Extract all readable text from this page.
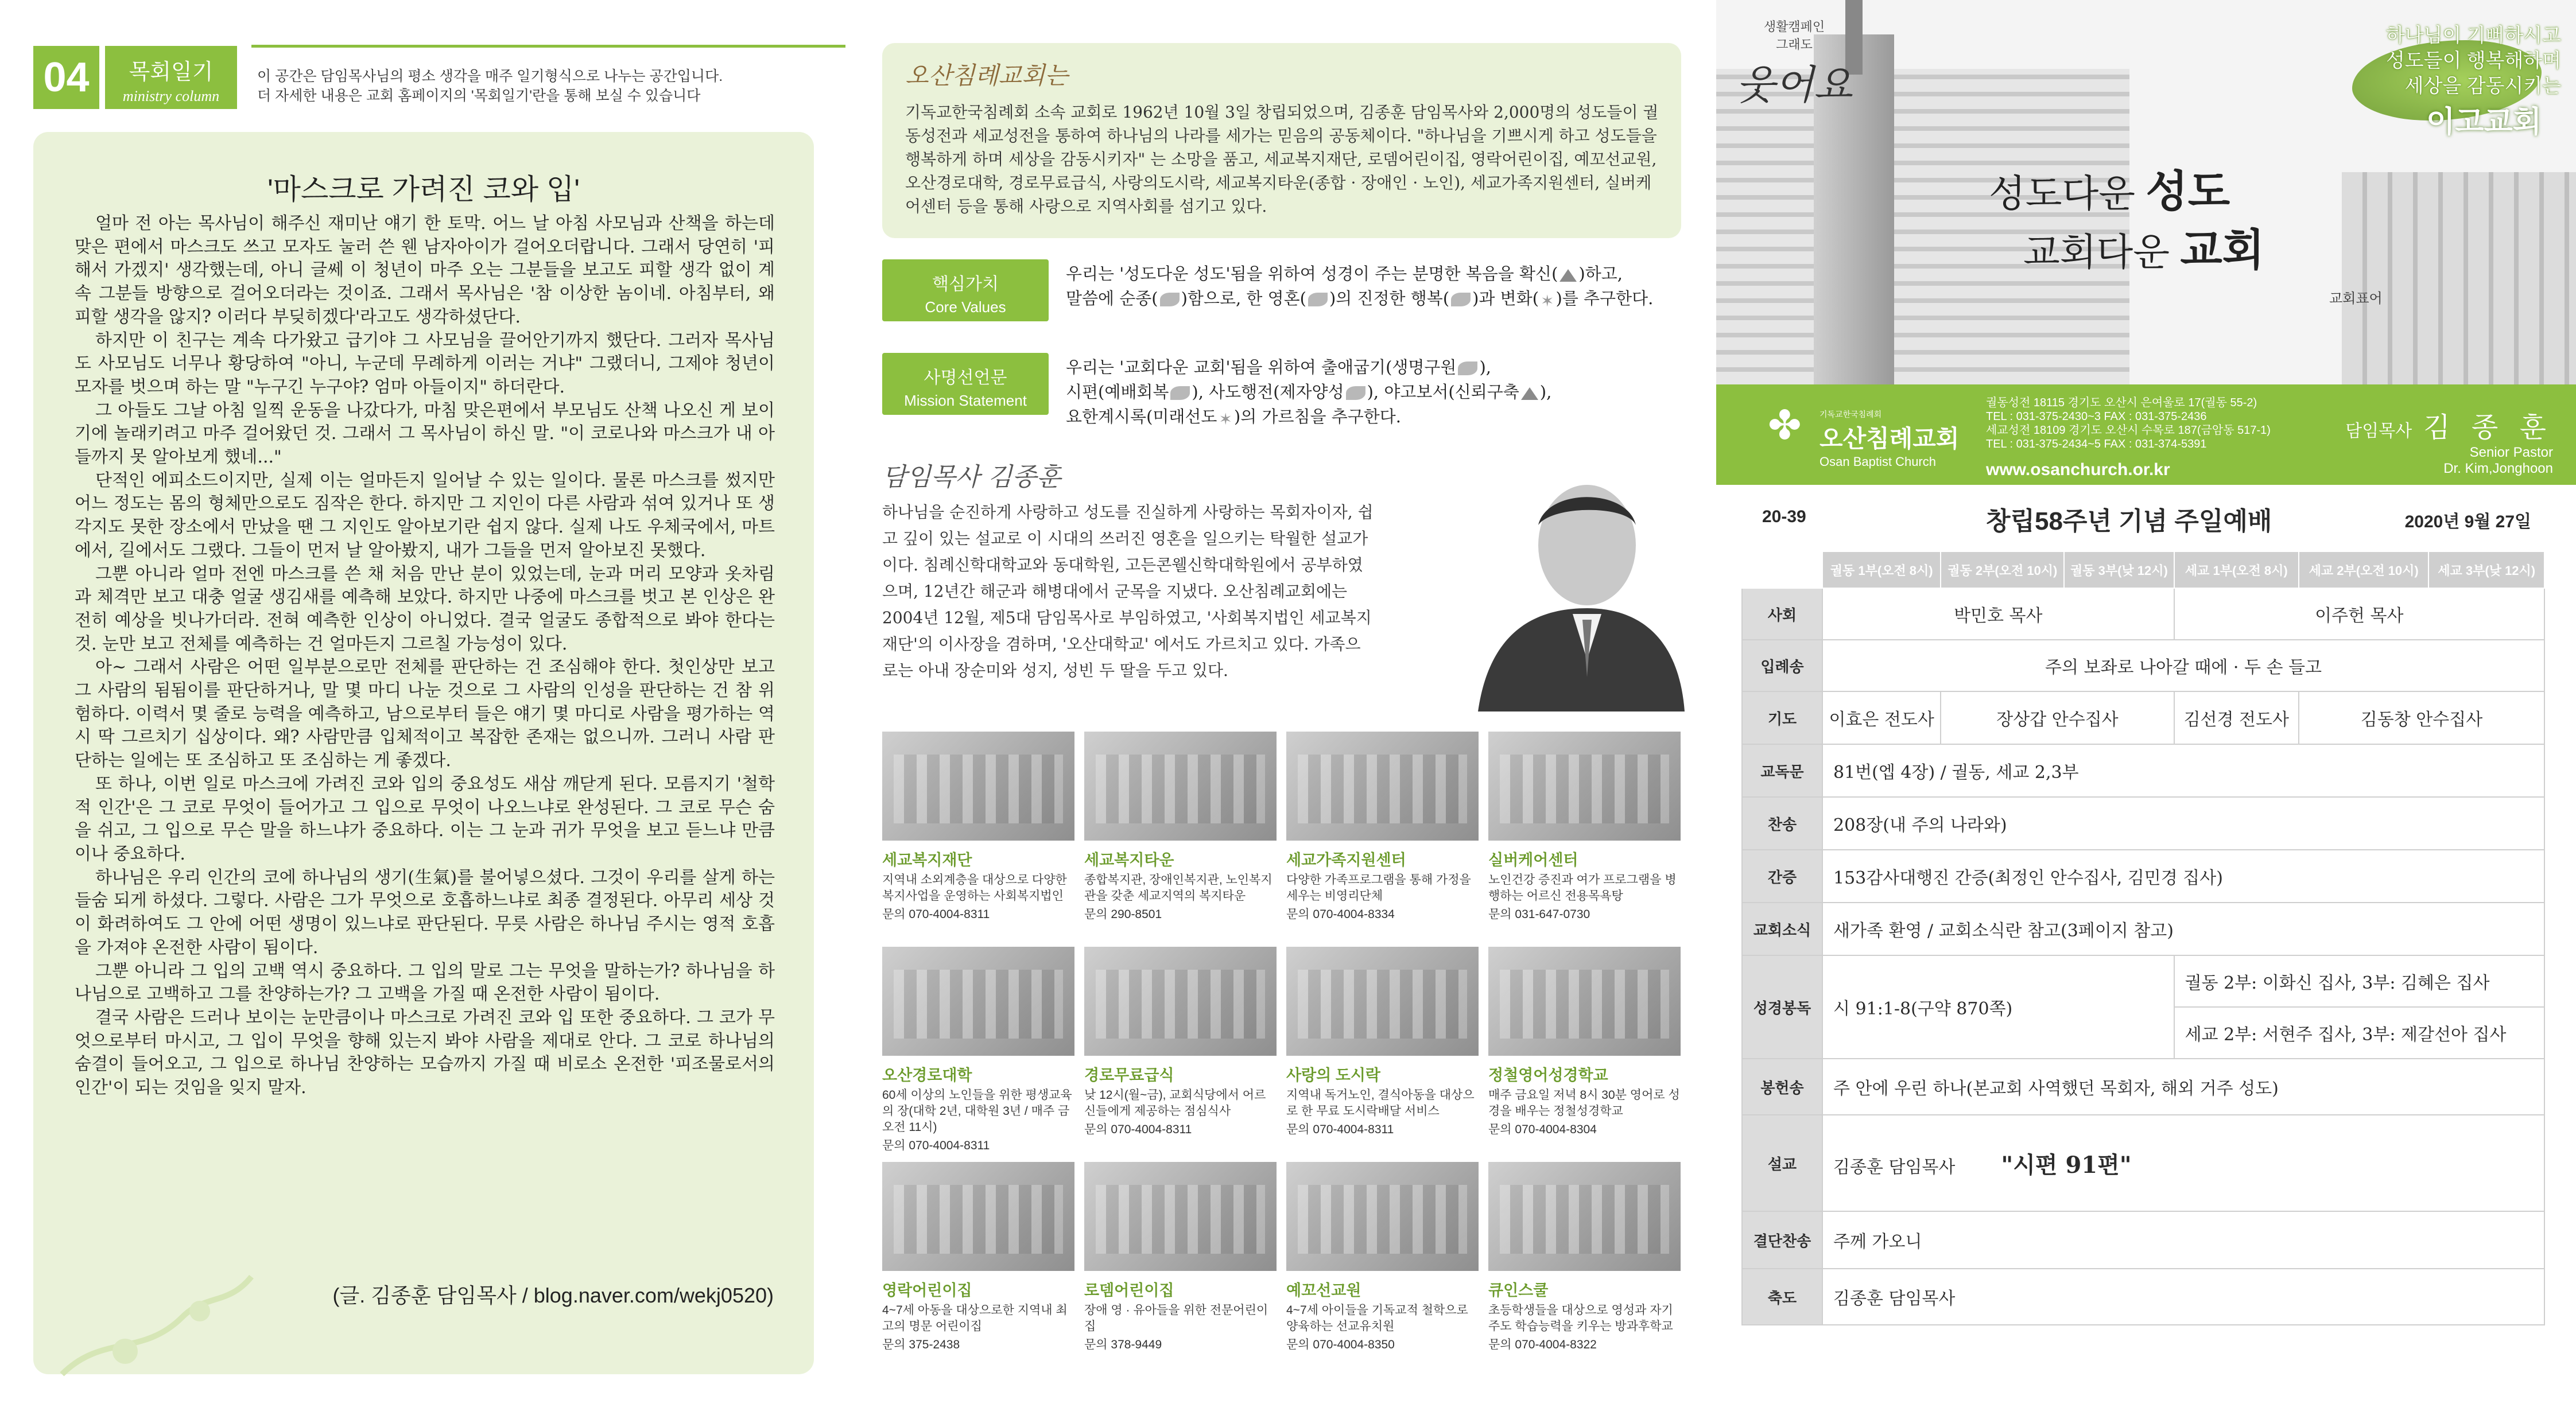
04	목회일기
ministry column
이 공간은 담임목사님의 평소 생각을 매주 일기형식으로 나누는 공간입니다.
더 자세한 내용은 교회 홈페이지의 '목회일기'란을 통해 보실 수 있습니다
'마스크로 가려진 코와 입'

얼마 전 아는 목사님이 해주신 재미난 얘기 한 토막. 어느 날 아침 사모님과 산책을 하는데 맞은 편에서 마스크도 쓰고 모자도 눌러 쓴 웬 남자아이가 걸어오더랍니다. 그래서 당연히 '피해서 가겠지' 생각했는데, 아니 글쎄 이 청년이 마주 오는 그분들을 보고도 피할 생각 없이 계속 그분들 방향으로 걸어오더라는 것이죠. 그래서 목사님은 '참 이상한 놈이네. 아침부터, 왜 피할 생각을 않지? 이러다 부딪히겠다'라고도 생각하셨단다.

하지만 이 친구는 계속 다가왔고 급기야 그 사모님을 끌어안기까지 했단다. 그러자 목사님도 사모님도 너무나 황당하여 "아니, 누군데 무례하게 이러는 거냐" 그랬더니, 그제야 청년이 모자를 벗으며 하는 말 "누구긴 누구야? 엄마 아들이지" 하더란다.

그 아들도 그날 아침 일찍 운동을 나갔다가, 마침 맞은편에서 부모님도 산책 나오신 게 보이기에 놀래키려고 마주 걸어왔던 것. 그래서 그 목사님이 하신 말. "이 코로나와 마스크가 내 아들까지 못 알아보게 했네..."

단적인 에피소드이지만, 실제 이는 얼마든지 일어날 수 있는 일이다. 물론 마스크를 썼지만 어느 정도는 몸의 형체만으로도 짐작은 한다. 하지만 그 지인이 다른 사람과 섞여 있거나 또 생각지도 못한 장소에서 만났을 땐 그 지인도 알아보기란 쉽지 않다. 실제 나도 우체국에서, 마트에서, 길에서도 그랬다. 그들이 먼저 날 알아봤지, 내가 그들을 먼저 알아보진 못했다.

그뿐 아니라 얼마 전엔 마스크를 쓴 채 처음 만난 분이 있었는데, 눈과 머리 모양과 옷차림과 체격만 보고 대충 얼굴 생김새를 예측해 보았다. 하지만 나중에 마스크를 벗고 본 인상은 완전히 예상을 빗나가더라. 전혀 예측한 인상이 아니었다. 결국 얼굴도 종합적으로 봐야 한다는 것. 눈만 보고 전체를 예측하는 건 얼마든지 그르칠 가능성이 있다.

아~ 그래서 사람은 어떤 일부분으로만 전체를 판단하는 건 조심해야 한다. 첫인상만 보고 그 사람의 됨됨이를 판단하거나, 말 몇 마디 나눈 것으로 그 사람의 인성을 판단하는 건 참 위험하다. 이력서 몇 줄로 능력을 예측하고, 남으로부터 들은 얘기 몇 마디로 사람을 평가하는 역시 딱 그르치기 십상이다. 왜? 사람만큼 입체적이고 복잡한 존재는 없으니까. 그러니 사람 판단하는 일에는 또 조심하고 또 조심하는 게 좋겠다.

또 하나, 이번 일로 마스크에 가려진 코와 입의 중요성도 새삼 깨닫게 된다. 모름지기 '철학적 인간'은 그 코로 무엇이 들어가고 그 입으로 무엇이 나오느냐로 완성된다. 그 코로 무슨 숨을 쉬고, 그 입으로 무슨 말을 하느냐가 중요하다. 이는 그 눈과 귀가 무엇을 보고 듣느냐 만큼이나 중요하다.

하나님은 우리 인간의 코에 하나님의 생기(生氣)를 불어넣으셨다. 그것이 우리를 살게 하는 들숨 되게 하셨다. 그렇다. 사람은 그가 무엇으로 호흡하느냐로 최종 결정된다. 아무리 세상 것이 화려하여도 그 안에 어떤 생명이 있느냐로 판단된다. 무릇 사람은 하나님 주시는 영적 호흡을 가져야 온전한 사람이 됨이다.

그뿐 아니라 그 입의 고백 역시 중요하다. 그 입의 말로 그는 무엇을 말하는가? 하나님을 하나님으로 고백하고 그를 찬양하는가? 그 고백을 가질 때 온전한 사람이 됨이다.

결국 사람은 드러나 보이는 눈만큼이나 마스크로 가려진 코와 입 또한 중요하다. 그 코가 무엇으로부터 마시고, 그 입이 무엇을 향해 있는지 봐야 사람을 제대로 안다. 그 코로 하나님의 숨결이 들어오고, 그 입으로 하나님 찬양하는 모습까지 가질 때 비로소 온전한 '피조물로서의 인간'이 되는 것임을 잊지 말자.

(글. 김종훈 담임목사 / blog.naver.com/wekj0520)
오산침례교회는
기독교한국침례회 소속 교회로 1962년 10월 3일 창립되었으며, 김종훈 담임목사와 2,000명의 성도들이 궐동성전과 세교성전을 통하여 하나님의 나라를 세가는 믿음의 공동체이다. "하나님을 기쁘시게 하고 성도들을 행복하게 하며 세상을 감동시키자" 는 소망을 품고, 세교복지재단, 로뎀어린이집, 영락어린이집, 예꼬선교원, 오산경로대학, 경로무료급식, 사랑의도시락, 세교복지타운(종합 · 장애인 · 노인), 세교가족지원센터, 실버케어센터 등을 통해 사랑으로 지역사회를 섬기고 있다.
핵심가치
Core Values
우리는 '성도다운 성도'됨을 위하여 성경이 주는 분명한 복음을 확신( )하고,
말씀에 순종( )함으로, 한 영혼( )의 진정한 행복( )과 변화( ✶ )를 추구한다.
사명선언문
Mission Statement
우리는 '교회다운 교회'됨을 위하여 출애굽기(생명구원 ),
시편(예배회복 ), 사도행전(제자양성 ), 야고보서(신뢰구축 ),
요한계시록(미래선도 ✶ )의 가르침을 추구한다.
담임목사 김종훈
하나님을 순진하게 사랑하고 성도를 진실하게 사랑하는 목회자이자, 쉽고 깊이 있는 설교로 이 시대의 쓰러진 영혼을 일으키는 탁월한 설교가이다. 침례신학대학교와 동대학원, 고든콘웰신학대학원에서 공부하였으며, 12년간 해군과 해병대에서 군목을 지냈다. 오산침례교회에는 2004년 12월, 제5대 담임목사로 부임하였고, '사회복지법인 세교복지재단'의 이사장을 겸하며, '오산대학교' 에서도 가르치고 있다. 가족으로는 아내 장순미와 성지, 성빈 두 딸을 두고 있다.
세교복지재단
지역내 소외계층을 대상으로 다양한 복지사업을 운영하는 사회복지법인
문의 070-4004-8311
세교복지타운
종합복지관, 장애인복지관, 노인복지관을 갖춘 세교지역의 복지타운
문의 290-8501
세교가족지원센터
다양한 가족프로그램을 통해 가정을 세우는 비영리단체
문의 070-4004-8334
실버케어센터
노인건강 증진과 여가 프로그램을 병행하는 어르신 전용목욕탕
문의 031-647-0730
오산경로대학
60세 이상의 노인들을 위한 평생교육의 장(대학 2년, 대학원 3년 / 매주 금 오전 11시)
문의 070-4004-8311
경로무료급식
낮 12시(월~금), 교회식당에서 어르신들에게 제공하는 점심식사
문의 070-4004-8311
사랑의 도시락
지역내 독거노인, 결식아동을 대상으로 한 무료 도시락배달 서비스
문의 070-4004-8311
정철영어성경학교
매주 금요일 저녁 8시 30분 영어로 성경을 배우는 정철성경학교
문의 070-4004-8304
영락어린이집
4~7세 아동을 대상으로한 지역내 최고의 명문 어린이집
문의 375-2438
로뎀어린이집
장애 영 · 유아들을 위한 전문어린이집
문의 378-9449
예꼬선교원
4~7세 아이들을 기독교적 철학으로 양육하는 선교유치원
문의 070-4004-8350
큐인스쿨
초등학생들을 대상으로 영성과 자기주도 학습능력을 키우는 방과후학교
문의 070-4004-8322
생활캠페인
그래도
웃어요
하나님이 기뻐하시고
성도들이 행복해하며
세상을 감동시키는
이고교회
성도다운 성도
교회다운 교회
교회표어
✤ 기독교한국침례회
오산침례교회
Osan Baptist Church
궐동성전 18115 경기도 오산시 은여울로 17(궐동 55-2)
TEL : 031-375-2430~3 FAX : 031-375-2436
세교성전 18109 경기도 오산시 수목로 187(금암동 517-1)
TEL : 031-375-2434~5 FAX : 031-374-5391
www.osanchurch.or.kr
담임목사 김 종 훈
Senior Pastor
Dr. Kim,Jonghoon
20-39	창립58주년 기념 주일예배	2020년 9월 27일
	궐동 1부(오전 8시)	궐동 2부(오전 10시)	궐동 3부(낮 12시)	세교 1부(오전 8시)	세교 2부(오전 10시)	세교 3부(낮 12시)
사회	박민호 목사			이주헌 목사		
입례송	주의 보좌로 나아갈 때에 · 두 손 들고					
기도	이효은 전도사	장상갑 안수집사		김선경 전도사	김동창 안수집사	
교독문	81번(엡 4장) / 궐동, 세교 2,3부					
찬송	208장(내 주의 나라와)					
간증	153감사대행진 간증(최정인 안수집사, 김민경 집사)					
교회소식	새가족 환영 / 교회소식란 참고(3페이지 참고)					
성경봉독	시 91:1-8(구약 870쪽)			궐동 2부: 이화신 집사, 3부: 김혜은 집사		
				세교 2부: 서현주 집사, 3부: 제갈선아 집사		
봉헌송	주 안에 우린 하나(본교회 사역했던 목회자, 해외 거주 성도)					
설교	김종훈 담임목사 "시편 91편"					
결단찬송	주께 가오니					
축도	김종훈 담임목사					
